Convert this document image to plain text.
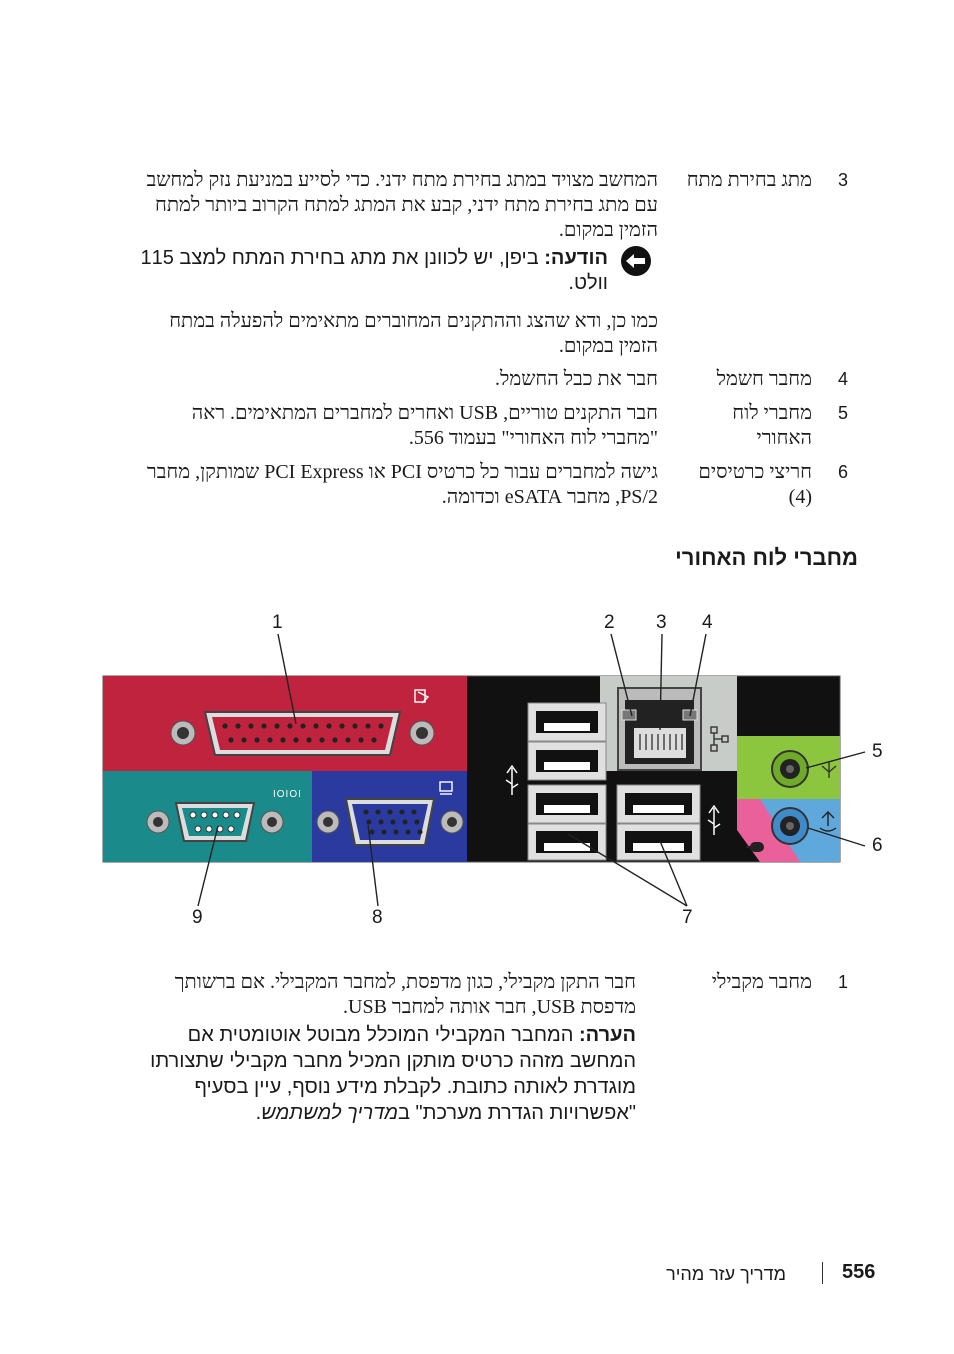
3
מתג בחירת מתח
המחשב מצויד במתג בחירת מתח ידני. כדי לסייע במניעת נזק למחשב עם מתג בחירת מתח ידני, קבע את המתג למתח הקרוב ביותר למתח הזמין במקום.
הודעה: ביפן, יש לכוונן את מתג בחירת המתח למצב 115 וולט.
כמו כן, ודא שהצג וההתקנים המחוברים מתאימים להפעלה במתח הזמין במקום.
4
מחבר חשמל
חבר את כבל החשמל.
5
מחברי לוח האחורי
חבר התקנים טוריים, USB ואחרים למחברים המתאימים. ראה "מחברי לוח האחורי" בעמוד 556.
6
חריצי כרטיסים (4)
גישה למחברים עבור כל כרטיס PCI או PCI Express שמותקן, מחבר PS/2, מחבר eSATA וכדומה.
מחברי לוח האחורי
IOIOI
1	2 3 4
5
6
7
8
9
1
מחבר מקבילי
חבר התקן מקבילי, כגון מדפסת, למחבר המקבילי. אם ברשותך מדפסת USB, חבר אותה למחבר USB.
הערה: המחבר המקבילי המוכלל מבוטל אוטומטית אם המחשב מזהה כרטיס מותקן המכיל מחבר מקבילי שתצורתו מוגדרת לאותה כתובת. לקבלת מידע נוסף, עיין בסעיף "אפשרויות הגדרת מערכת" במדריך למשתמש.
556
מדריך עזר מהיר
